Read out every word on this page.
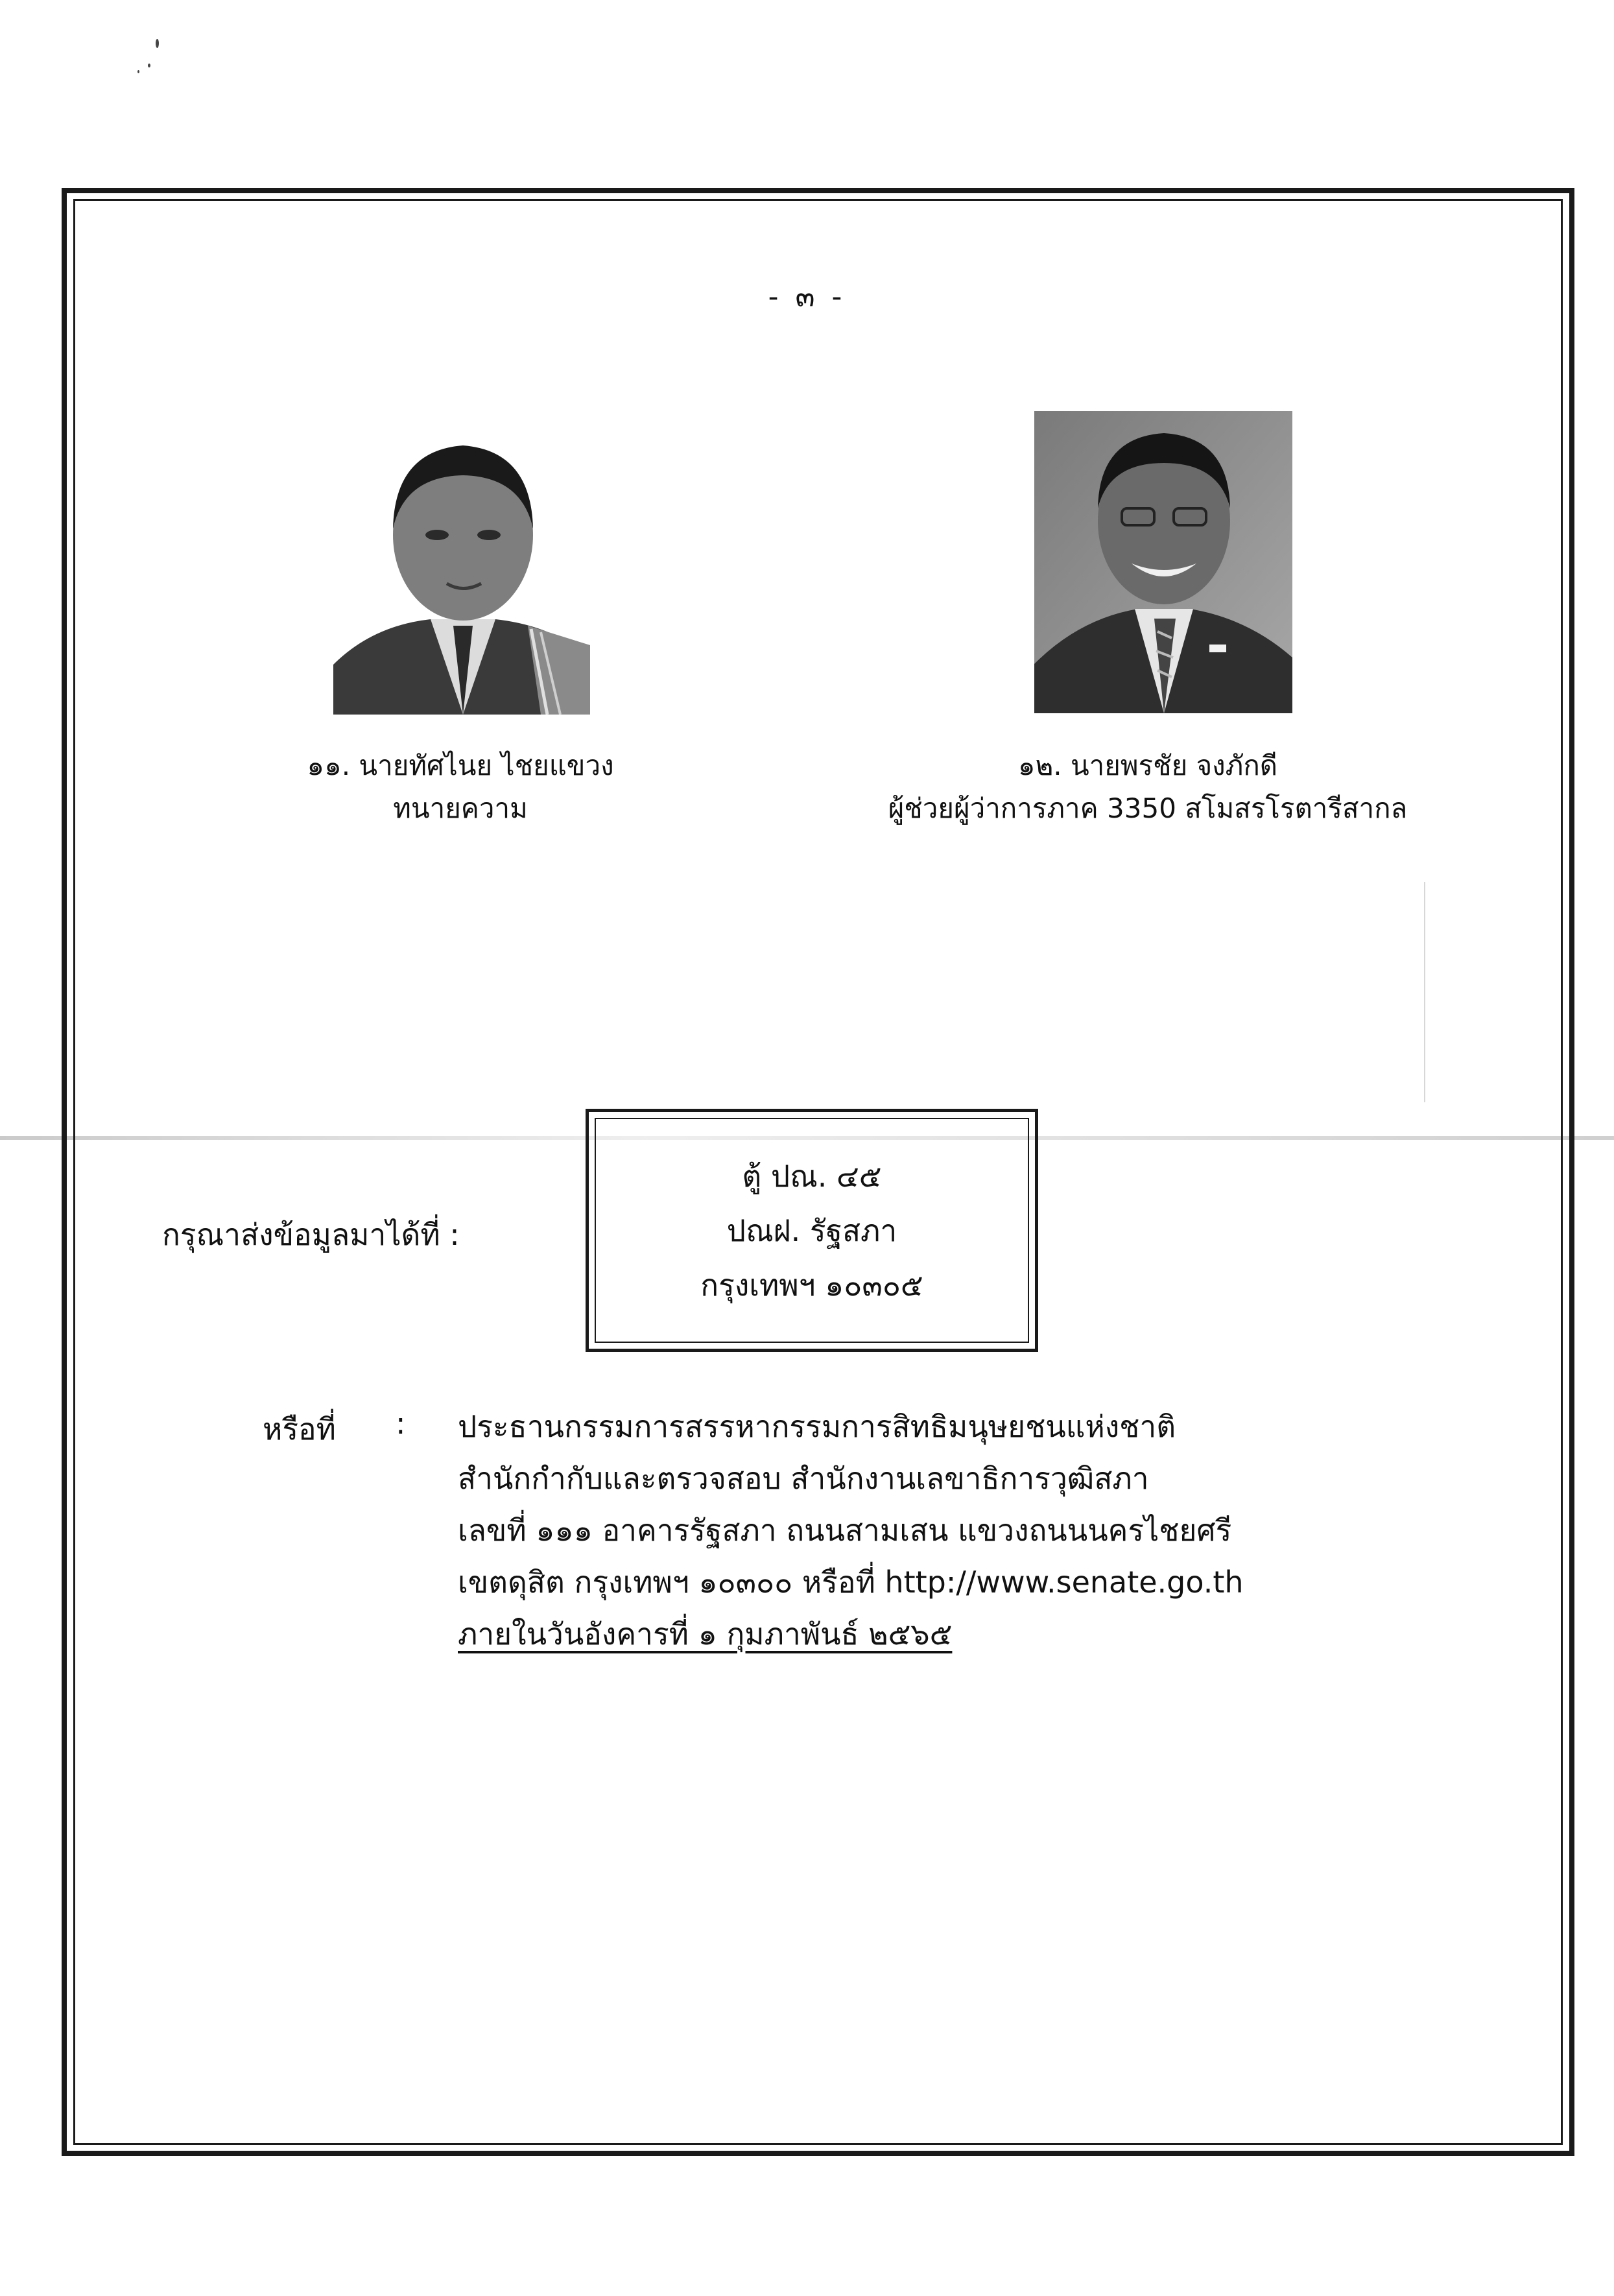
- ๓ -
๑๑. นายทัศไนย ไชยแขวง
ทนายความ
๑๒. นายพรชัย จงภักดี
ผู้ช่วยผู้ว่าการภาค 3350 สโมสรโรตารีสากล
กรุณาส่งข้อมูลมาได้ที่ :
ตู้ ปณ. ๔๕
ปณฝ. รัฐสภา
กรุงเทพฯ ๑๐๓๐๕
หรือที่ : ประธานกรรมการสรรหากรรมการสิทธิมนุษยชนแห่งชาติ
สำนักกำกับและตรวจสอบ สำนักงานเลขาธิการวุฒิสภา
เลขที่ ๑๑๑ อาคารรัฐสภา ถนนสามเสน แขวงถนนนครไชยศรี
เขตดุสิต กรุงเทพฯ ๑๐๓๐๐ หรือที่ http://www.senate.go.th
ภายในวันอังคารที่ ๑ กุมภาพันธ์ ๒๕๖๕
